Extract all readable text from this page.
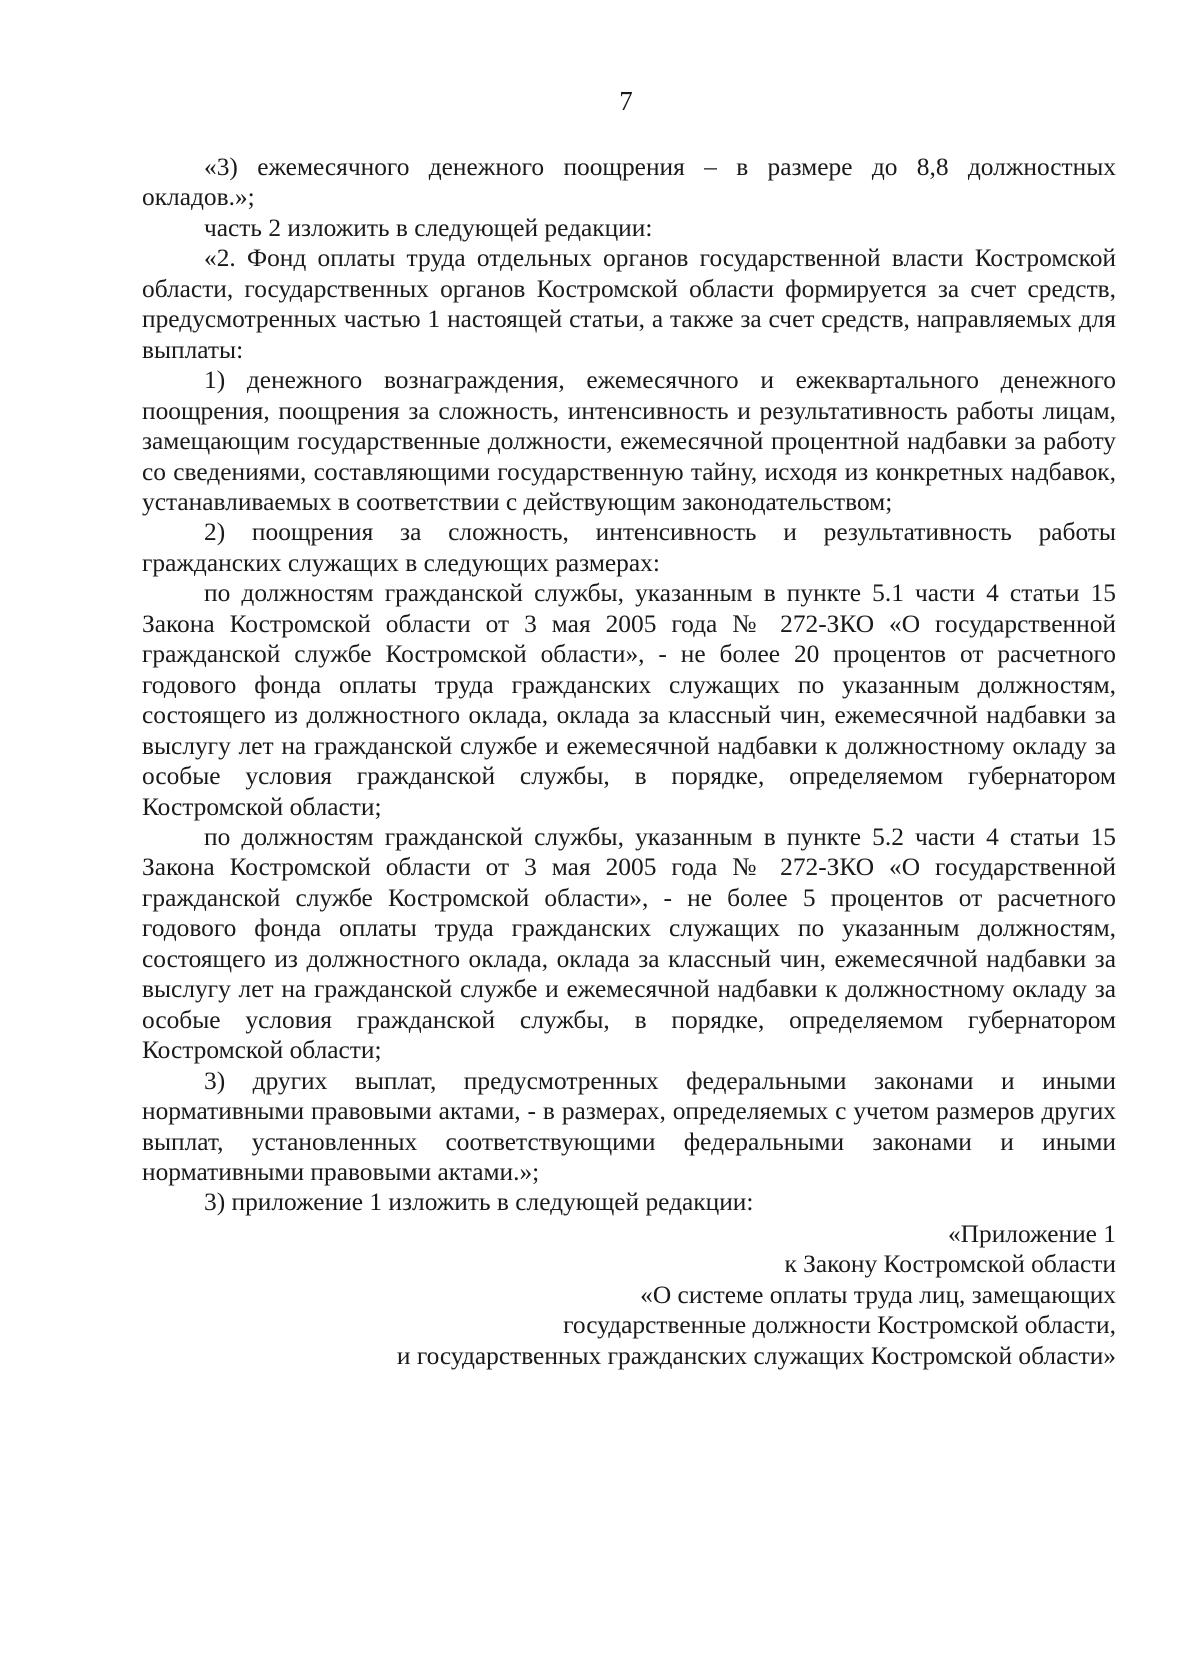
7

«3) ежемесячного денежного поощрения – в размере до 8,8 должностных окладов.»;

часть 2 изложить в следующей редакции:

«2. Фонд оплаты труда отдельных органов государственной власти Костромской области, государственных органов Костромской области формируется за счет средств, предусмотренных частью 1 настоящей статьи, а также за счет средств, направляемых для выплаты:

1) денежного вознаграждения, ежемесячного и ежеквартального денежного поощрения, поощрения за сложность, интенсивность и результативность работы лицам, замещающим государственные должности, ежемесячной процентной надбавки за работу со сведениями, составляющими государственную тайну, исходя из конкретных надбавок, устанавливаемых в соответствии с действующим законодательством;

2) поощрения за сложность, интенсивность и результативность работы гражданских служащих в следующих размерах:

по должностям гражданской службы, указанным в пункте 5.1 части 4 статьи 15 Закона Костромской области от 3 мая 2005 года № 272-ЗКО «О государственной гражданской службе Костромской области», - не более 20 процентов от расчетного годового фонда оплаты труда гражданских служащих по указанным должностям, состоящего из должностного оклада, оклада за классный чин, ежемесячной надбавки за выслугу лет на гражданской службе и ежемесячной надбавки к должностному окладу за особые условия гражданской службы, в порядке, определяемом губернатором Костромской области;

по должностям гражданской службы, указанным в пункте 5.2 части 4 статьи 15 Закона Костромской области от 3 мая 2005 года № 272-ЗКО «О государственной гражданской службе Костромской области», - не более 5 процентов от расчетного годового фонда оплаты труда гражданских служащих по указанным должностям, состоящего из должностного оклада, оклада за классный чин, ежемесячной надбавки за выслугу лет на гражданской службе и ежемесячной надбавки к должностному окладу за особые условия гражданской службы, в порядке, определяемом губернатором Костромской области;

3) других выплат, предусмотренных федеральными законами и иными нормативными правовыми актами, - в размерах, определяемых с учетом размеров других выплат, установленных соответствующими федеральными законами и иными нормативными правовыми актами.»;

3) приложение 1 изложить в следующей редакции:

«Приложение 1
к Закону Костромской области
«О системе оплаты труда лиц, замещающих
государственные должности Костромской области,
и государственных гражданских служащих Костромской области»
